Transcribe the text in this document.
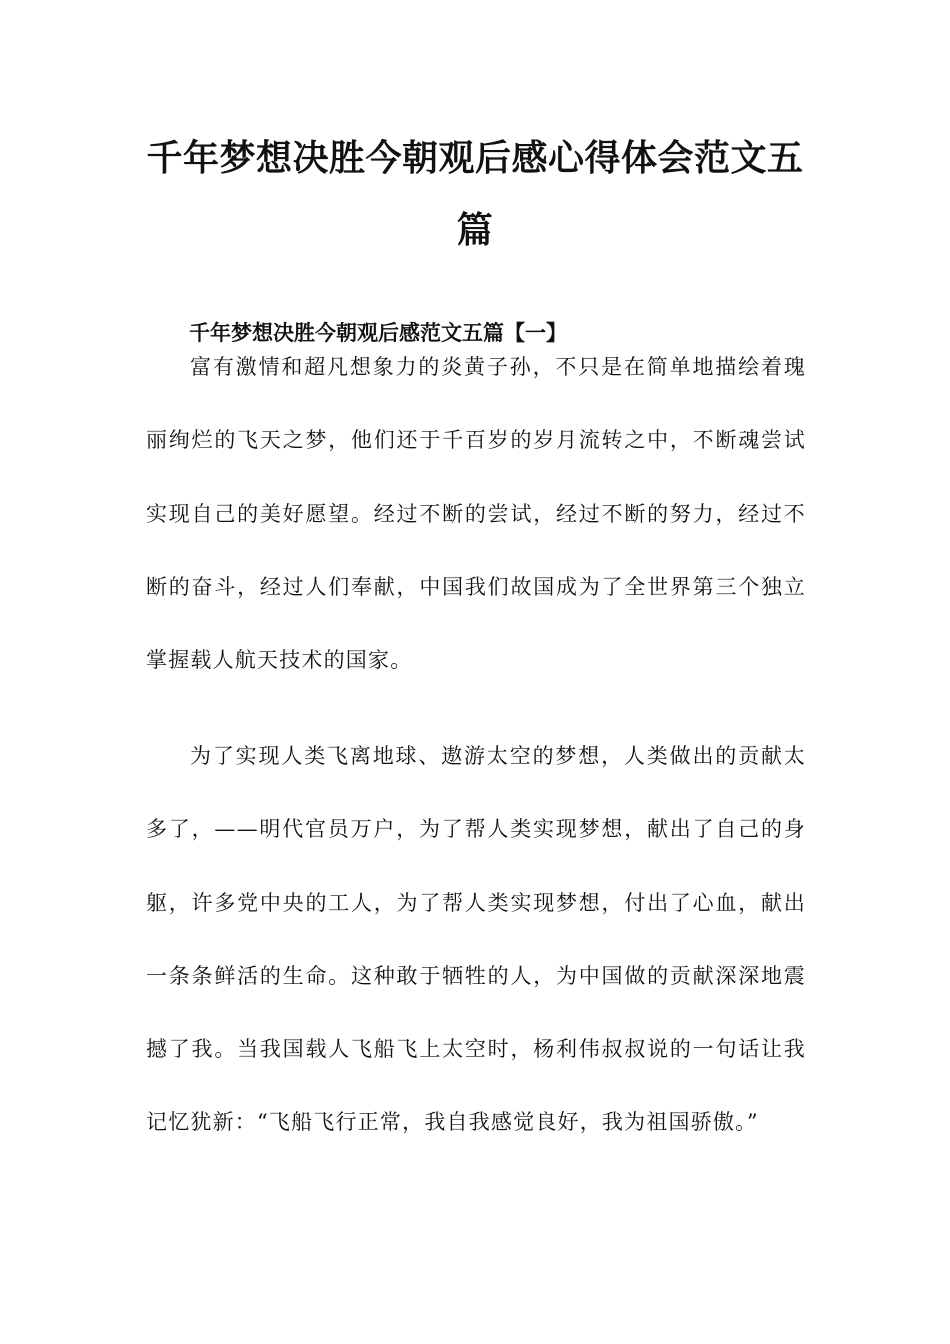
千年梦想决胜今朝观后感心得体会范文五篇
千年梦想决胜今朝观后感范文五篇【一】

富有激情和超凡想象力的炎黄子孙，不只是在简单地描绘着瑰丽绚烂的飞天之梦，他们还于千百岁的岁月流转之中，不断魂尝试实现自己的美好愿望。经过不断的尝试，经过不断的努力，经过不断的奋斗，经过人们奉献，中国我们故国成为了全世界第三个独立掌握载人航天技术的国家。

为了实现人类飞离地球、遨游太空的梦想，人类做出的贡献太多了，——明代官员万户，为了帮人类实现梦想，献出了自己的身躯，许多党中央的工人，为了帮人类实现梦想，付出了心血，献出一条条鲜活的生命。这种敢于牺牲的人，为中国做的贡献深深地震撼了我。当我国载人飞船飞上太空时，杨利伟叔叔说的一句话让我记忆犹新：“飞船飞行正常，我自我感觉良好，我为祖国骄傲。”
